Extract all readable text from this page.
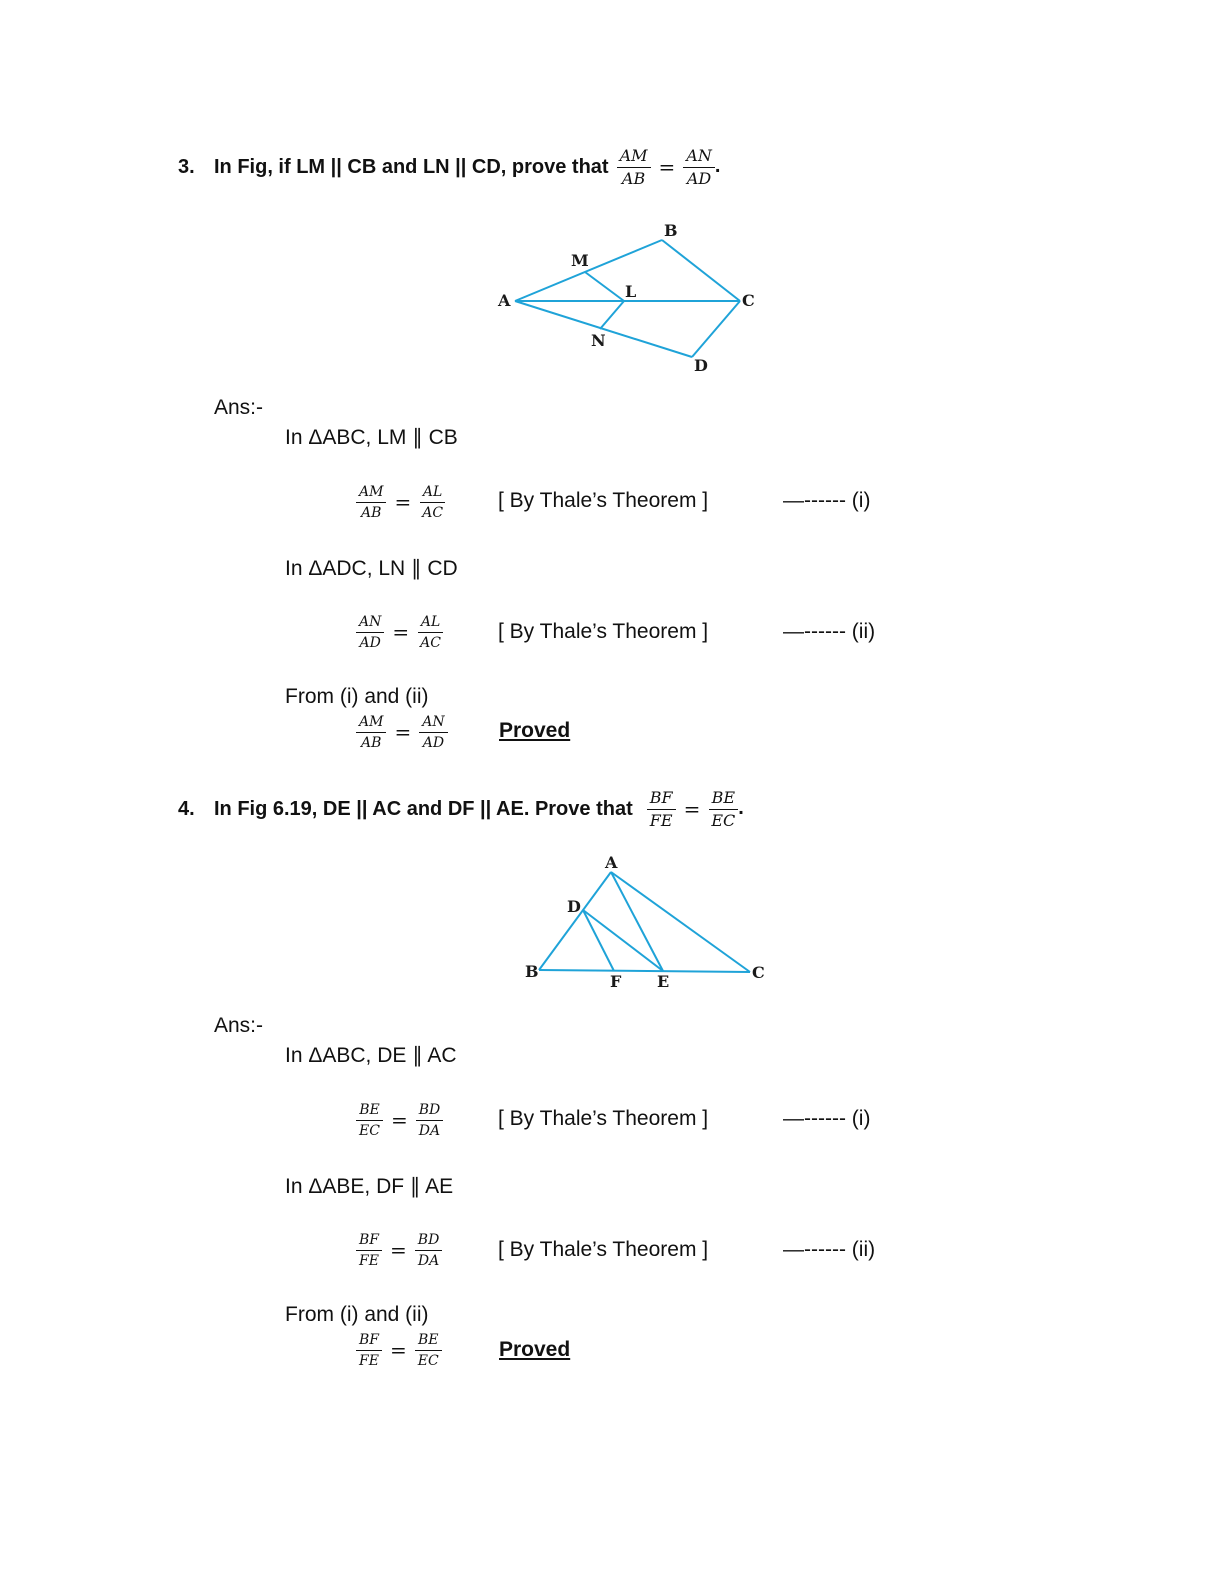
3. In Fig, if LM || CB and LN || CD, prove that $\frac{AM}{AB} = \frac{AN}{AD}$ .
A
B
C
D
L
M
N
Ans:-
In ΔABC, LM ∥ CB
$\frac{AM}{AB} = \frac{AL}{AC}$ [ By Thale’s Theorem ]	—------ (i)
In ΔADC, LN ∥ CD
$\frac{AN}{AD} = \frac{AL}{AC}$	[ By Thale’s Theorem ]	—------ (ii)
From (i) and (ii)
$\frac{AM}{AB} = \frac{AN}{AD}$ Proved
4. In Fig 6.19, DE || AC and DF || AE. Prove that $\frac{BF}{FE} = \frac{BE}{EC}$ .
A
B	C
D
E
F
Ans:-
In ΔABC, DE ∥ AC
$\frac{BE}{EC} = \frac{BD}{DA}$	[ By Thale’s Theorem ]	—------ (i)
In ΔABE, DF ∥ AE
$\frac{BF}{FE} = \frac{BD}{DA}$	[ By Thale’s Theorem ]	—------ (ii)
From (i) and (ii)
$\frac{BF}{FE} = \frac{BE}{EC}$	Proved
